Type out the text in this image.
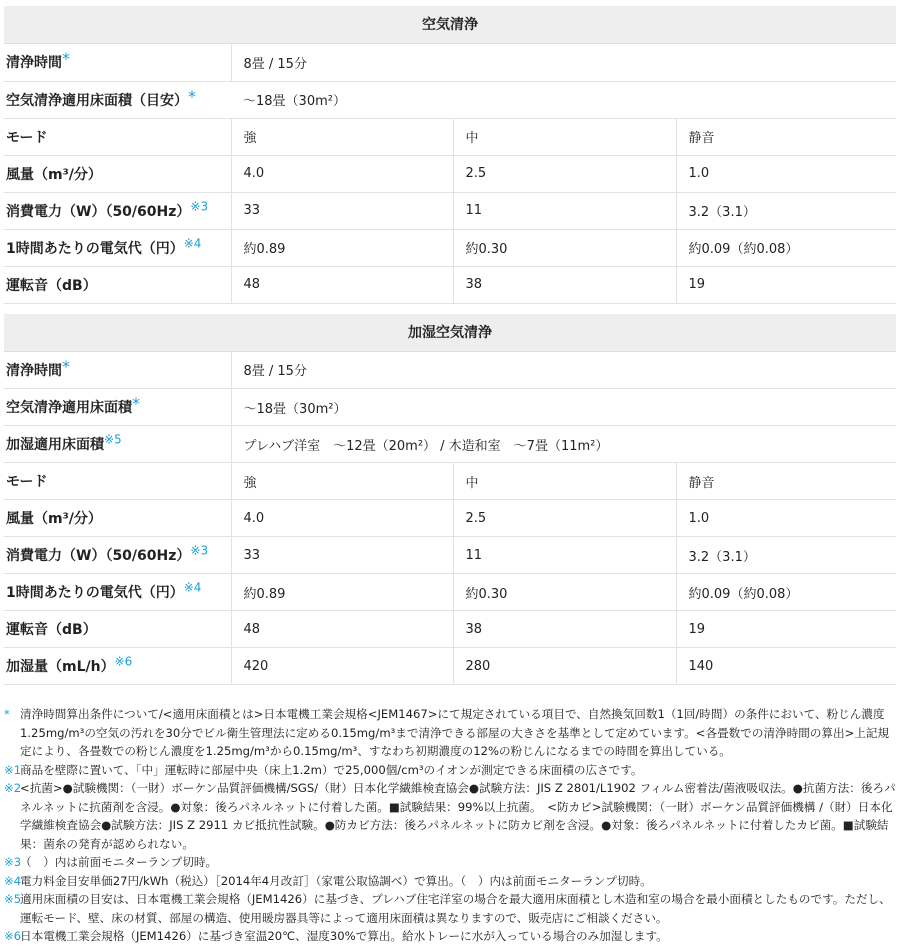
空気清浄
清浄時間*	8畳 / 15分		
空気清浄適用床面積（目安）*	～18畳（30m²）		
モード	強	中	静音
風量（m³/分）	4.0	2.5	1.0
消費電力（W）（50/60Hz）※3	33	11	3.2（3.1）
1時間あたりの電気代（円）※4	約0.89	約0.30	約0.09（約0.08）
運転音（dB）	48	38	19
加湿空気清浄
清浄時間*	8畳 / 15分		
空気清浄適用床面積*	～18畳（30m²）		
加湿適用床面積※5	プレハブ洋室　～12畳（20m²） / 木造和室　～7畳（11m²）		
モード	強	中	静音
風量（m³/分）	4.0	2.5	1.0
消費電力（W）（50/60Hz）※3	33	11	3.2（3.1）
1時間あたりの電気代（円）※4	約0.89	約0.30	約0.09（約0.08）
運転音（dB）	48	38	19
加湿量（mL/h）※6	420	280	140
* 清浄時間算出条件について/<適用床面積とは>日本電機工業会規格<JEM1467>にて規定されている項目で、自然換気回数1（1回/時間）の条件において、粉じん濃度1.25mg/m³の空気の汚れを30分でビル衛生管理法に定める0.15mg/m³まで清浄できる部屋の大きさを基準として定めています。<各畳数での清浄時間の算出>上記規定により、各畳数での粉じん濃度を1.25mg/m³から0.15mg/m³、すなわち初期濃度の12%の粉じんになるまでの時間を算出している。
※1
商品を壁際に置いて、「中」運転時に部屋中央（床上1.2m）で25,000個/cm³のイオンが測定できる床面積の広さです。
※2
<抗菌>●試験機関：（一財）ボーケン品質評価機構/SGS/（財）日本化学繊維検査協会●試験方法：JIS Z 2801/L1902 フィルム密着法/菌液吸収法。●抗菌方法：後ろパネルネットに抗菌剤を含浸。●対象：後ろパネルネットに付着した菌。■試験結果：99%以上抗菌。　<防カビ>試験機関：（一財）ボーケン品質評価機構 /（財）日本化学繊維検査協会●試験方法：JIS Z 2911 カビ抵抗性試験。●防カビ方法：後ろパネルネットに防カビ剤を含浸。●対象：後ろパネルネットに付着したカビ菌。■試験結果：菌糸の発育が認められない。
※3
（　）内は前面モニターランプ切時。
※4
電力料金目安単価27円/kWh（税込）［2014年4月改訂］（家電公取協調べ）で算出。（　）内は前面モニターランプ切時。
※5
適用床面積の目安は、日本電機工業会規格（JEM1426）に基づき、プレハブ住宅洋室の場合を最大適用床面積とし木造和室の場合を最小面積としたものです。ただし、運転モード、壁、床の材質、部屋の構造、使用暖房器具等によって適用床面積は異なりますので、販売店にご相談ください。
※6
日本電機工業会規格（JEM1426）に基づき室温20℃、湿度30%で算出。給水トレーに水が入っている場合のみ加湿します。
